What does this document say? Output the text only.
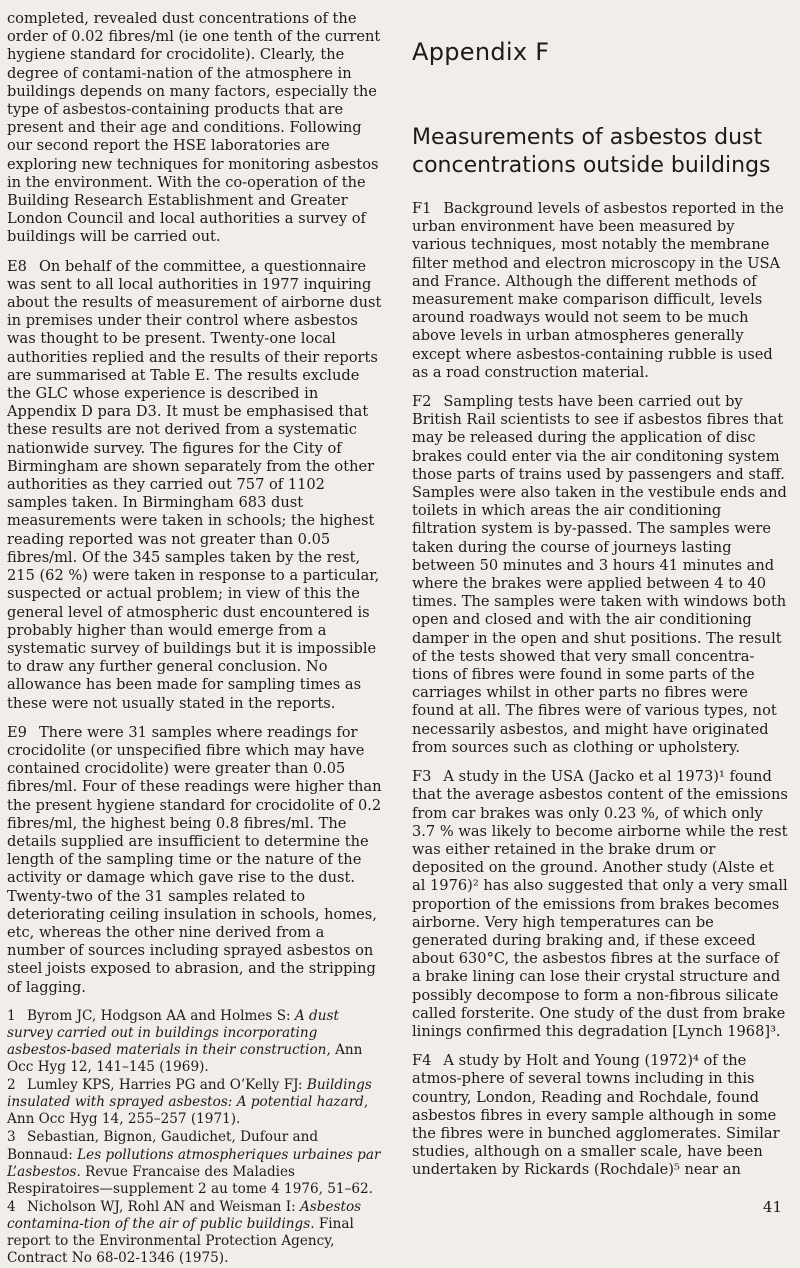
completed, revealed dust concentrations of the order of 0.02 fibres/ml (ie one tenth of the current hygiene standard for crocidolite). Clearly, the degree of contami-nation of the atmosphere in buildings depends on many factors, especially the type of asbestos-containing products that are present and their age and conditions. Following our second report the HSE laboratories are exploring new techniques for monitoring asbestos in the environment. With the co-operation of the Building Research Establishment and Greater London Council and local authorities a survey of buildings will be carried out.

E8 On behalf of the committee, a questionnaire was sent to all local authorities in 1977 inquiring about the results of measurement of airborne dust in premises under their control where asbestos was thought to be present. Twenty-one local authorities replied and the results of their reports are summarised at Table E. The results exclude the GLC whose experience is described in Appendix D para D3. It must be emphasised that these results are not derived from a systematic nationwide survey. The figures for the City of Birmingham are shown separately from the other authorities as they carried out 757 of 1102 samples taken. In Birmingham 683 dust measurements were taken in schools; the highest reading reported was not greater than 0.05 fibres/ml. Of the 345 samples taken by the rest, 215 (62 %) were taken in response to a particular, suspected or actual problem; in view of this the general level of atmospheric dust encountered is probably higher than would emerge from a systematic survey of buildings but it is impossible to draw any further general conclusion. No allowance has been made for sampling times as these were not usually stated in the reports.

E9 There were 31 samples where readings for crocidolite (or unspecified fibre which may have contained crocidolite) were greater than 0.05 fibres/ml. Four of these readings were higher than the present hygiene standard for crocidolite of 0.2 fibres/ml, the highest being 0.8 fibres/ml. The details supplied are insufficient to determine the length of the sampling time or the nature of the activity or damage which gave rise to the dust. Twenty-two of the 31 samples related to deteriorating ceiling insulation in schools, homes, etc, whereas the other nine derived from a number of sources including sprayed asbestos on steel joists exposed to abrasion, and the stripping of lagging.

1 Byrom JC, Hodgson AA and Holmes S: A dust survey carried out in buildings incorporating asbestos-based materials in their construction, Ann Occ Hyg 12, 141–145 (1969).

2 Lumley KPS, Harries PG and O’Kelly FJ: Buildings insulated with sprayed asbestos: A potential hazard, Ann Occ Hyg 14, 255–257 (1971).

3 Sebastian, Bignon, Gaudichet, Dufour and Bonnaud: Les pollutions atmospheriques urbaines par L’asbestos. Revue Francaise des Maladies Respiratoires—supplement 2 au tome 4 1976, 51–62.

4 Nicholson WJ, Rohl AN and Weisman I: Asbestos contamina-tion of the air of public buildings. Final report to the Environmental Protection Agency, Contract No 68-02-1346 (1975).

Appendix F
Measurements of asbestos dust concentrations outside buildings

F1 Background levels of asbestos reported in the urban environment have been measured by various techniques, most notably the membrane filter method and electron microscopy in the USA and France. Although the different methods of measurement make comparison difficult, levels around roadways would not seem to be much above levels in urban atmospheres generally except where asbestos-containing rubble is used as a road construction material.

F2 Sampling tests have been carried out by British Rail scientists to see if asbestos fibres that may be released during the application of disc brakes could enter via the air conditoning system those parts of trains used by passengers and staff. Samples were also taken in the vestibule ends and toilets in which areas the air conditioning filtration system is by-passed. The samples were taken during the course of journeys lasting between 50 minutes and 3 hours 41 minutes and where the brakes were applied between 4 to 40 times. The samples were taken with windows both open and closed and with the air conditioning damper in the open and shut positions. The result of the tests showed that very small concentra-tions of fibres were found in some parts of the carriages whilst in other parts no fibres were found at all. The fibres were of various types, not necessarily asbestos, and might have originated from sources such as clothing or upholstery.

F3 A study in the USA (Jacko et al 1973)¹ found that the average asbestos content of the emissions from car brakes was only 0.23 %, of which only 3.7 % was likely to become airborne while the rest was either retained in the brake drum or deposited on the ground. Another study (Alste et al 1976)² has also suggested that only a very small proportion of the emissions from brakes becomes airborne. Very high temperatures can be generated during braking and, if these exceed about 630°C, the asbestos fibres at the surface of a brake lining can lose their crystal structure and possibly decompose to form a non-fibrous silicate called forsterite. One study of the dust from brake linings confirmed this degradation [Lynch 1968]³.

F4 A study by Holt and Young (1972)⁴ of the atmos-phere of several towns including in this country, London, Reading and Rochdale, found asbestos fibres in every sample although in some the fibres were in bunched agglomerates. Similar studies, although on a smaller scale, have been undertaken by Rickards (Rochdale)⁵ near an

41
